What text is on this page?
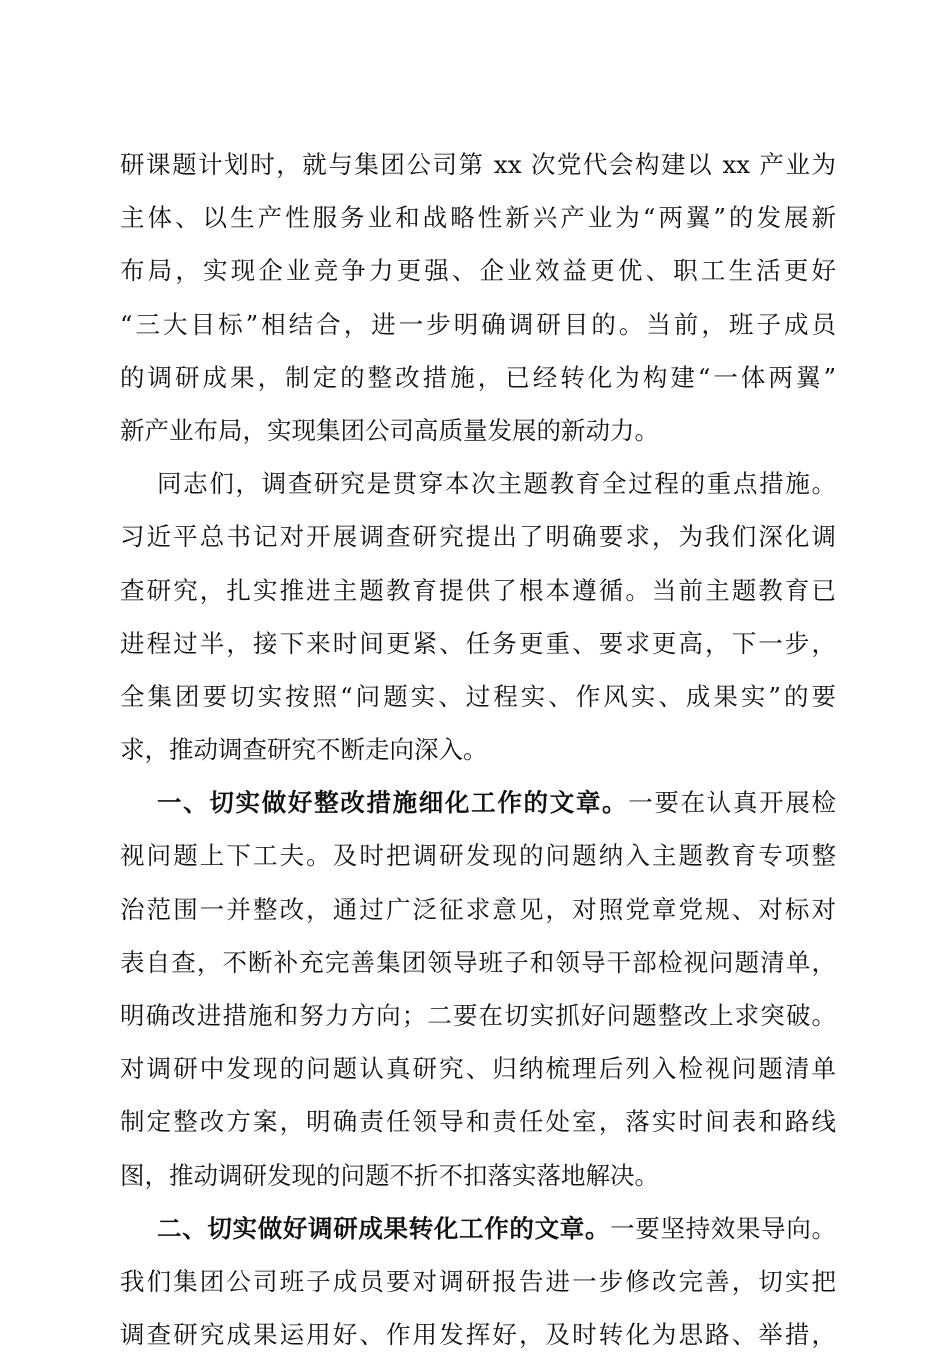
研课题计划时，就与集团公司第 xx 次党代会构建以 xx 产业为
主体、以生产性服务业和战略性新兴产业为“两翼”的发展新
布局，实现企业竞争力更强、企业效益更优、职工生活更好
“三大目标”相结合，进一步明确调研目的。当前，班子成员
的调研成果，制定的整改措施，已经转化为构建“一体两翼”
新产业布局，实现集团公司高质量发展的新动力。
同志们，调查研究是贯穿本次主题教育全过程的重点措施。
习近平总书记对开展调查研究提出了明确要求，为我们深化调
查研究，扎实推进主题教育提供了根本遵循。当前主题教育已
进程过半，接下来时间更紧、任务更重、要求更高，下一步，
全集团要切实按照“问题实、过程实、作风实、成果实”的要
求，推动调查研究不断走向深入。
一、切实做好整改措施细化工作的文章。一要在认真开展检
视问题上下工夫。及时把调研发现的问题纳入主题教育专项整
治范围一并整改，通过广泛征求意见，对照党章党规、对标对
表自查，不断补充完善集团领导班子和领导干部检视问题清单，
明确改进措施和努力方向；二要在切实抓好问题整改上求突破。
对调研中发现的问题认真研究、归纳梳理后列入检视问题清单
制定整改方案，明确责任领导和责任处室，落实时间表和路线
图，推动调研发现的问题不折不扣落实落地解决。
二、切实做好调研成果转化工作的文章。一要坚持效果导向。
我们集团公司班子成员要对调研报告进一步修改完善，切实把
调查研究成果运用好、作用发挥好，及时转化为思路、举措，
